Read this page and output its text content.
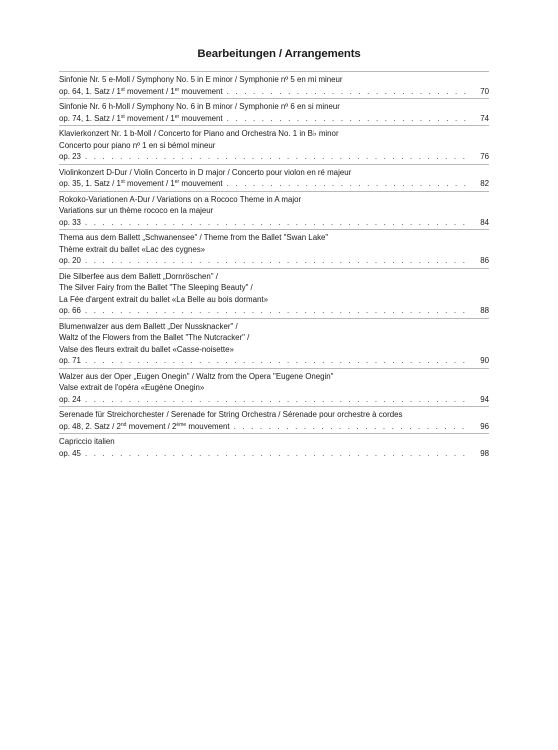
Bearbeitungen / Arrangements
Sinfonie Nr. 5 e-Moll / Symphony No. 5 in E minor / Symphonie nº 5 en mi mineur
op. 64, 1. Satz / 1st movement / 1er mouvement . . .	70
Sinfonie Nr. 6 h-Moll / Symphony No. 6 in B minor / Symphonie nº 6 en si mineur
op. 74, 1. Satz / 1st movement / 1er mouvement . . .	74
Klavierkonzert Nr. 1 b-Moll / Concerto for Piano and Orchestra No. 1 in B♭ minor
Concerto pour piano nº 1 en si bémol mineur
op. 23 . . .	76
Violinkonzert D-Dur / Violin Concerto in D major / Concerto pour violon en ré majeur
op. 35, 1. Satz / 1st movement / 1er mouvement . . .	82
Rokoko-Variationen A-Dur / Variations on a Rococo Theme in A major
Variations sur un thème rococo en la majeur
op. 33 . . .	84
Thema aus dem Ballett „Schwanensee" / Theme from the Ballet "Swan Lake"
Thème extrait du ballet «Lac des cygnes»
op. 20 . . .	86
Die Silberfee aus dem Ballett „Dornröschen" /
The Silver Fairy from the Ballet "The Sleeping Beauty" /
La Fée d'argent extrait du ballet «La Belle au bois dormant»
op. 66 . . .	88
Blumenwalzer aus dem Ballett „Der Nussknacker" /
Waltz of the Flowers from the Ballet "The Nutcracker" /
Valse des fleurs extrait du ballet «Casse-noisette»
op. 71 . . .	90
Walzer aus der Oper „Eugen Onegin" / Waltz from the Opera "Eugene Onegin"
Valse extrait de l'opéra «Eugène Onegin»
op. 24 . . .	94
Serenade für Streichorchester / Serenade for String Orchestra / Sérenade pour orchestre à cordes
op. 48, 2. Satz / 2nd movement / 2ème mouvement . . .	96
Capriccio italien
op. 45 . . .	98
